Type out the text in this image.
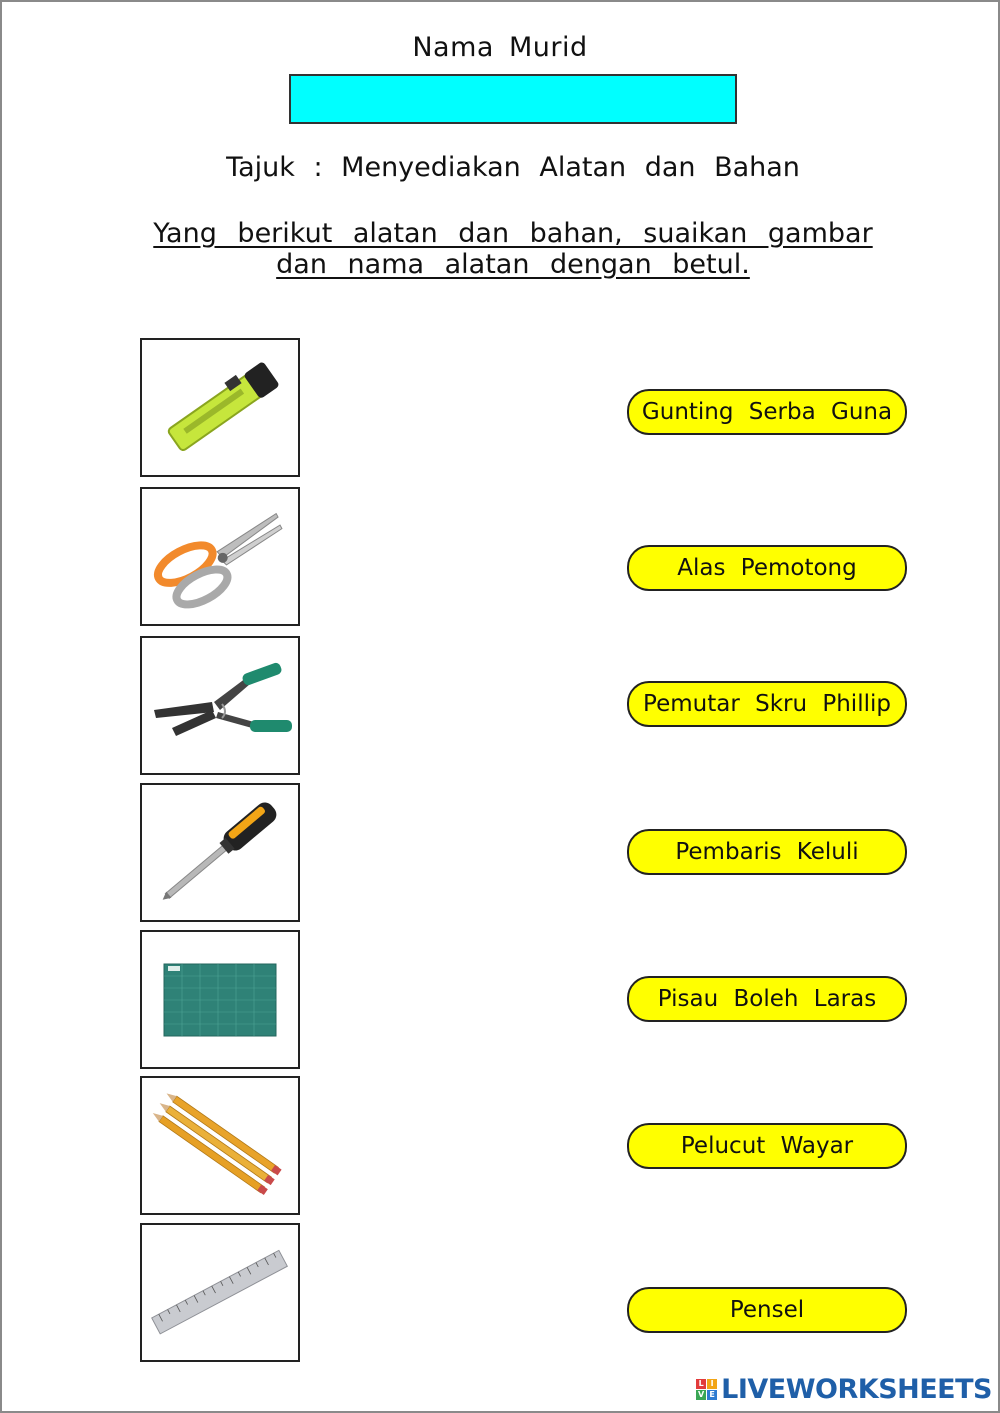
Nama Murid
Tajuk : Menyediakan Alatan dan Bahan
Yang berikut alatan dan bahan, suaikan gambar
dan nama alatan dengan betul.
Gunting Serba Guna
Alas Pemotong
Pemutar Skru Phillip
Pembaris Keluli
Pisau Boleh Laras
Pelucut Wayar
Pensel
L I
V E LIVEWORKSHEETS
